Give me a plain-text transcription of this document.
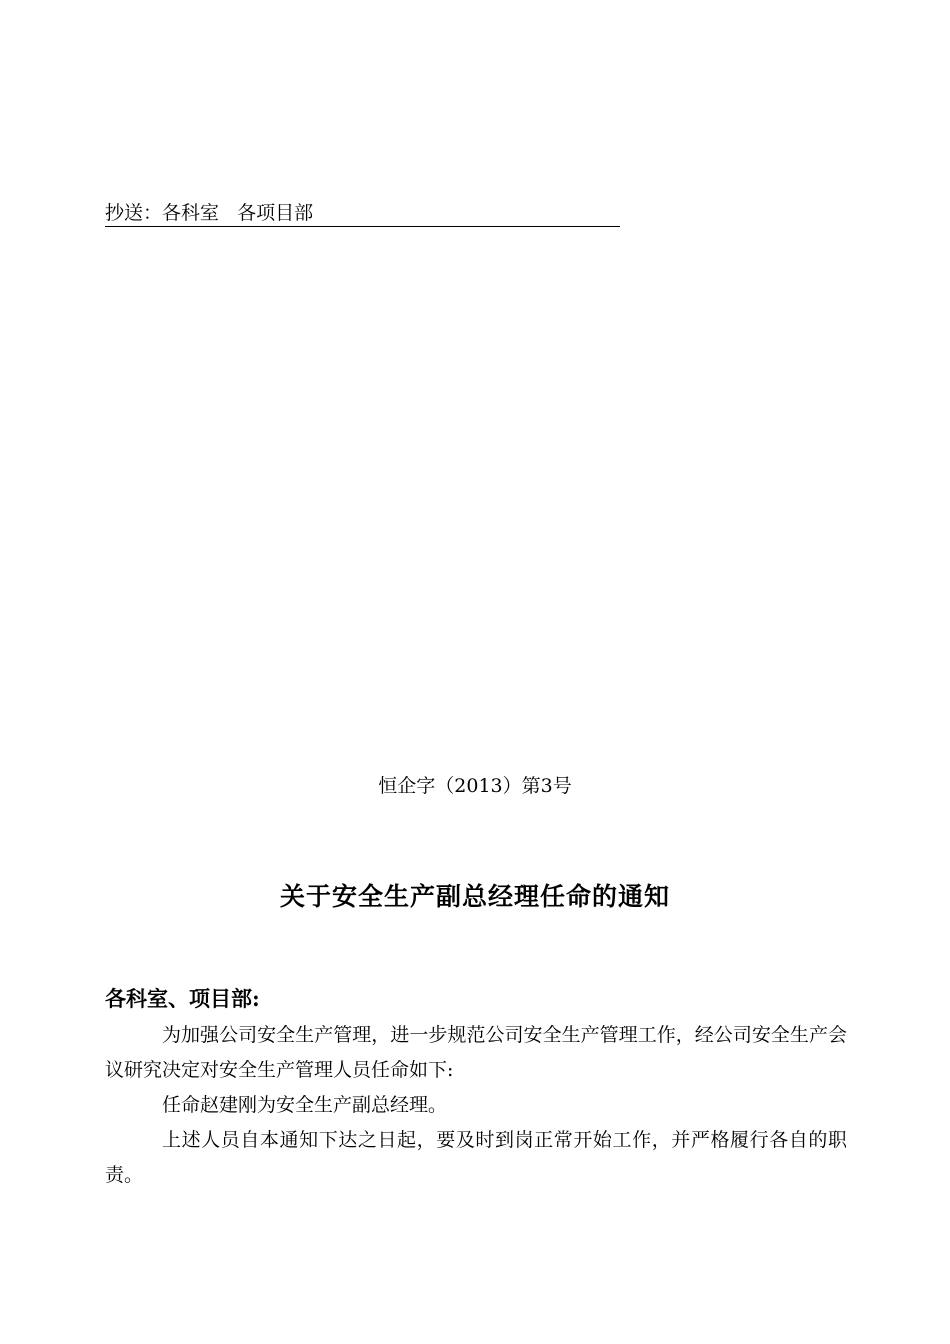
抄送：各科室   各项目部
恒企字（2013）第3号
关于安全生产副总经理任命的通知
各科室、项目部:

为加强公司安全生产管理，进一步规范公司安全生产管理工作，经公司安全生产会议研究决定对安全生产管理人员任命如下:

任命赵建刚为安全生产副总经理。

上述人员自本通知下达之日起，要及时到岗正常开始工作，并严格履行各自的职责。
